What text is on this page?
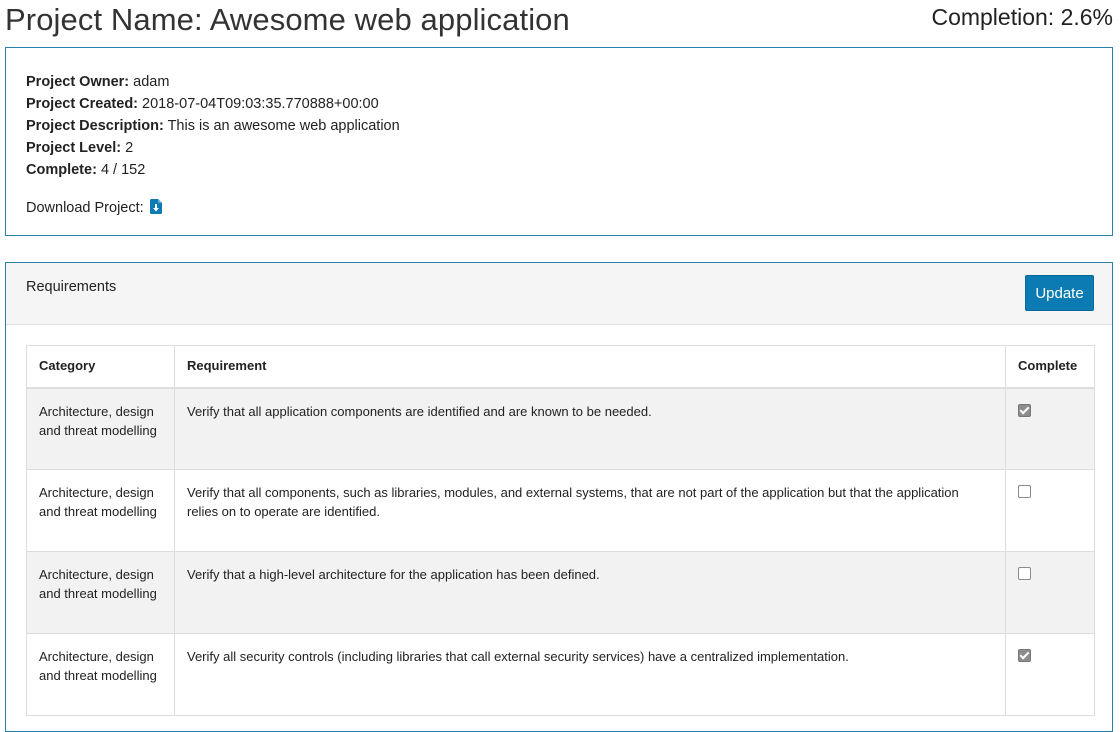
Project Name: Awesome web application	Completion: 2.6%
Project Owner: adam
Project Created: 2018-07-04T09:03:35.770888+00:00
Project Description: This is an awesome web application
Project Level: 2
Complete: 4 / 152
Download Project:
Requirements	Update
Category	Requirement	Complete
Architecture, design and threat modelling	Verify that all application components are identified and are known to be needed.	
Architecture, design and threat modelling	Verify that all components, such as libraries, modules, and external systems, that are not part of the application but that the application relies on to operate are identified.	
Architecture, design and threat modelling	Verify that a high-level architecture for the application has been defined.	
Architecture, design and threat modelling	Verify all security controls (including libraries that call external security services) have a centralized implementation.	
